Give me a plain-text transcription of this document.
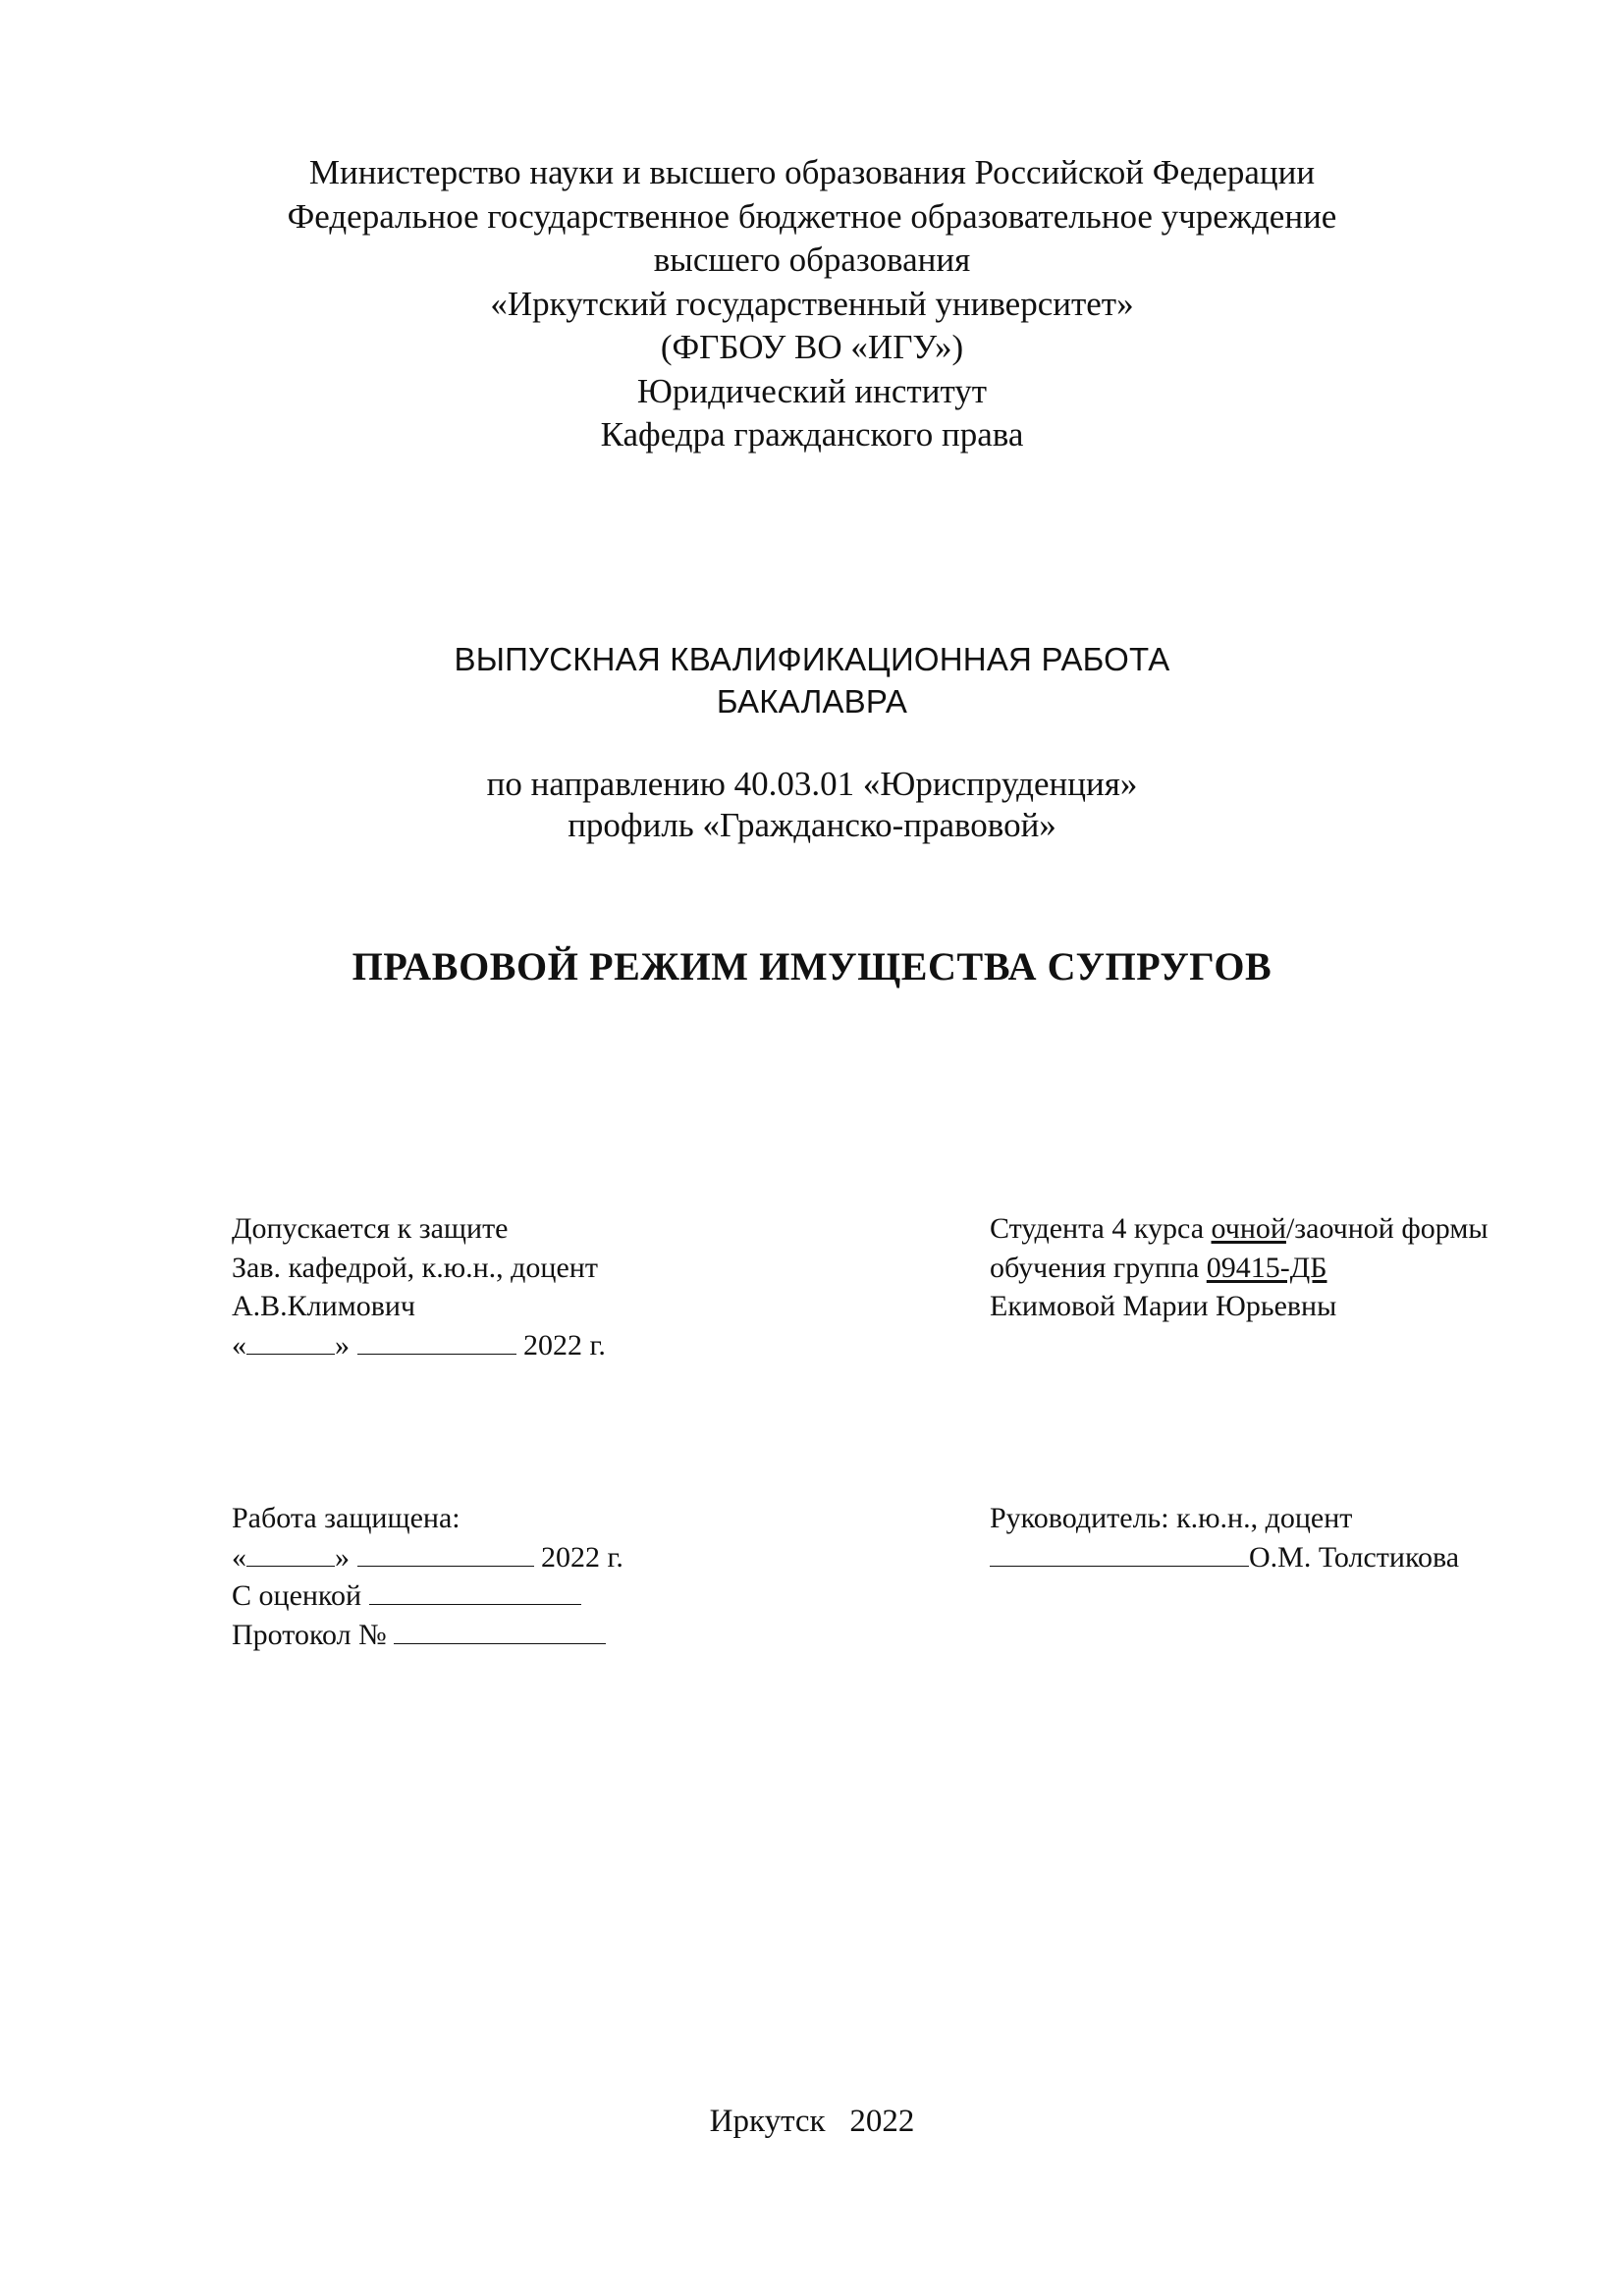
Министерство науки и высшего образования Российской Федерации
Федеральное государственное бюджетное образовательное учреждение
высшего образования
«Иркутский государственный университет»
(ФГБОУ ВО «ИГУ»)
Юридический институт
Кафедра гражданского права
ВЫПУСКНАЯ КВАЛИФИКАЦИОННАЯ РАБОТА
БАКАЛАВРА
по направлению 40.03.01 «Юриспруденция»
профиль «Гражданско-правовой»
ПРАВОВОЙ РЕЖИМ ИМУЩЕСТВА СУПРУГОВ
Допускается к защите
Зав. кафедрой, к.ю.н., доцент
А.В.Климович
«	»	2022 г.
Студента 4 курса очной/заочной формы
обучения группа 09415-ДБ
Екимовой Марии Юрьевны
Работа защищена:
«	»	2022 г.
С оценкой
Протокол №
Руководитель: к.ю.н., доцент
О.М. Толстикова
Иркутск 2022
